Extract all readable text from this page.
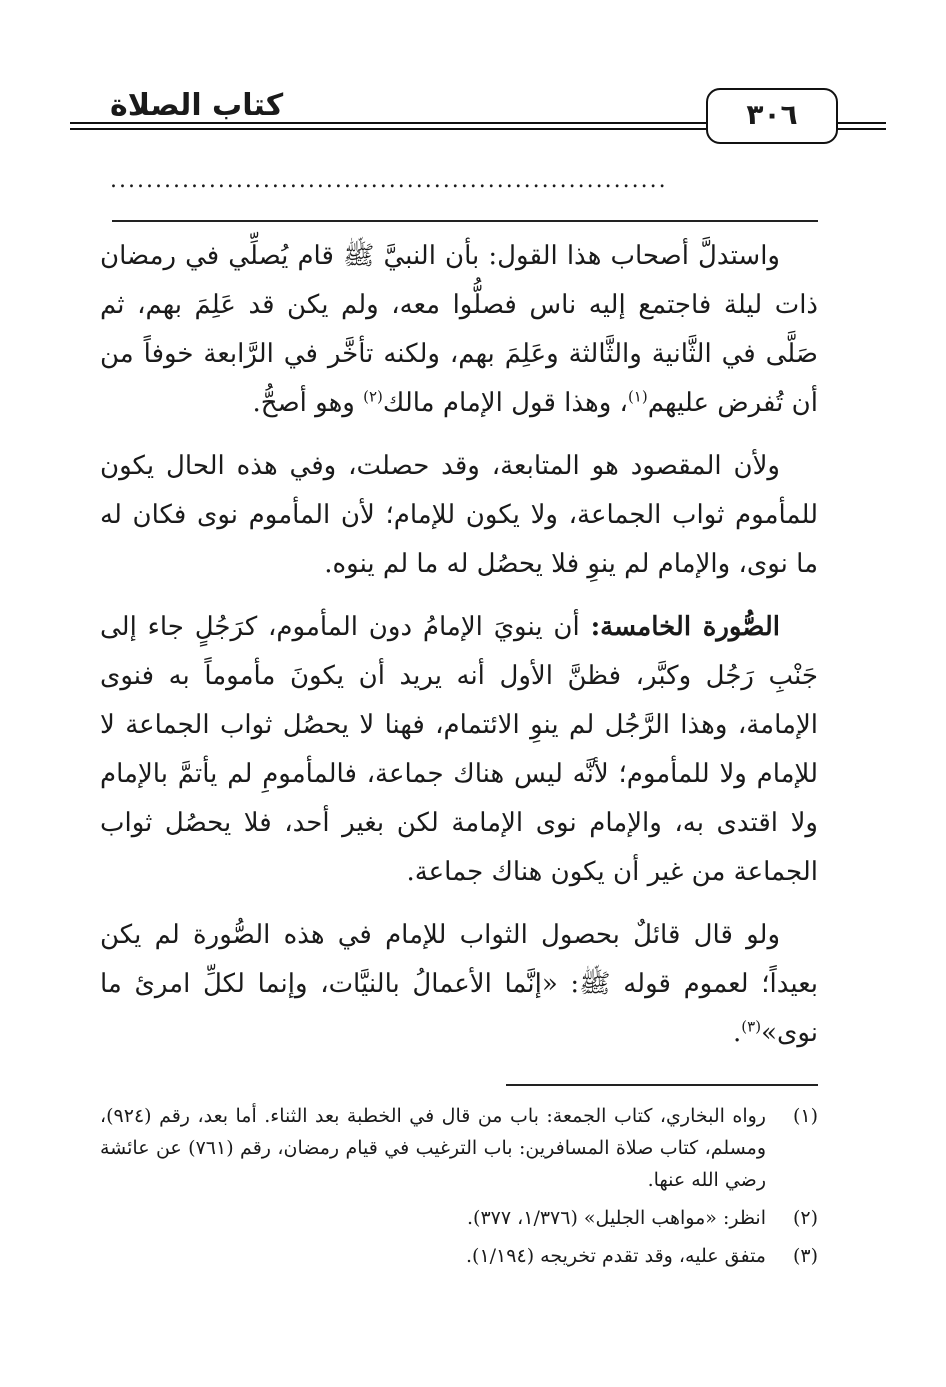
كتاب الصلاة	٣٠٦
..............................................................

واستدلَّ أصحاب هذا القول: بأن النبيَّ ﷺ قام يُصلِّي في رمضان ذات ليلة فاجتمع إليه ناس فصلُّوا معه، ولم يكن قد عَلِمَ بهم، ثم صَلَّى في الثَّانية والثَّالثة وعَلِمَ بهم، ولكنه تأخَّر في الرَّابعة خوفاً من أن تُفرض عليهم$^{(١)}$، وهذا قول الإمام مالك$^{(٢)}$ وهو أصحُّ.

ولأن المقصود هو المتابعة، وقد حصلت، وفي هذه الحال يكون للمأموم ثواب الجماعة، ولا يكون للإمام؛ لأن المأموم نوى فكان له ما نوى، والإمام لم ينوِ فلا يحصُل له ما لم ينوه.

الصُّورة الخامسة: أن ينويَ الإمامُ دون المأموم، كرَجُلٍ جاء إلى جَنْبِ رَجُل وكبَّر، فظنَّ الأول أنه يريد أن يكونَ مأموماً به فنوى الإمامة، وهذا الرَّجُل لم ينوِ الائتمام، فهنا لا يحصُل ثواب الجماعة لا للإمام ولا للمأموم؛ لأنَّه ليس هناك جماعة، فالمأمومِ لم يأتمَّ بالإمام ولا اقتدى به، والإمام نوى الإمامة لكن بغير أحد، فلا يحصُل ثواب الجماعة من غير أن يكون هناك جماعة.

ولو قال قائلٌ بحصول الثواب للإمام في هذه الصُّورة لم يكن بعيداً؛ لعموم قوله ﷺ: «إنَّما الأعمالُ بالنيَّات، وإنما لكلِّ امرئ ما نوى»$^{(٣)}$.

(١)
رواه البخاري، كتاب الجمعة: باب من قال في الخطبة بعد الثناء. أما بعد، رقم (٩٢٤)، ومسلم، كتاب صلاة المسافرين: باب الترغيب في قيام رمضان، رقم (٧٦١) عن عائشة رضي الله عنها.
(٢)
انظر: «مواهب الجليل» (١/٣٧٦، ٣٧٧).
(٣)
متفق عليه، وقد تقدم تخريجه (١/١٩٤).
